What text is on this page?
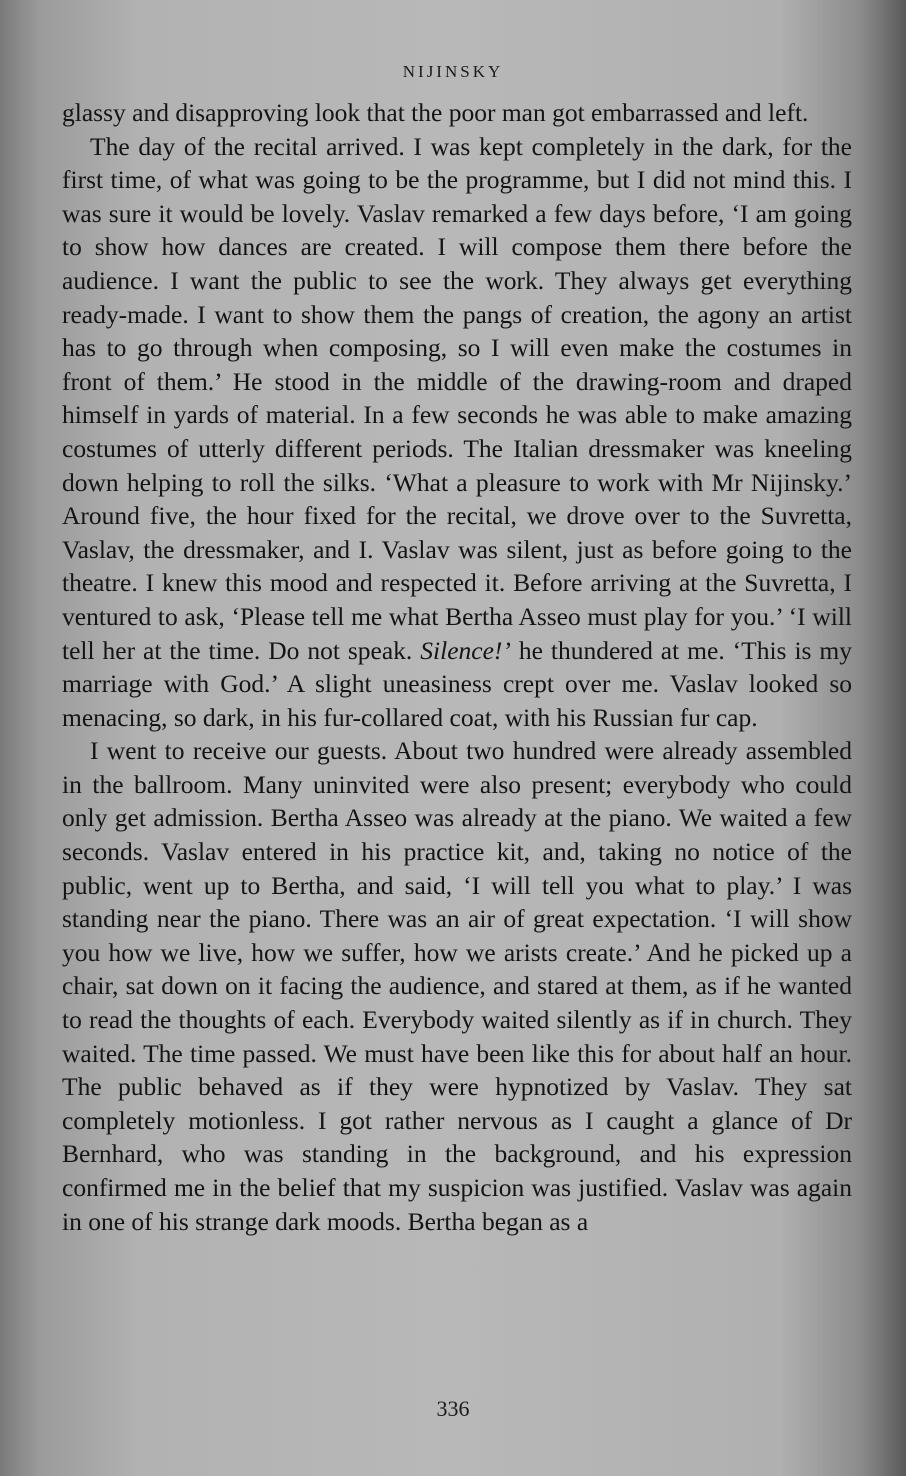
NIJINSKY

glassy and disapproving look that the poor man got embarrassed and left.

The day of the recital arrived. I was kept completely in the dark, for the first time, of what was going to be the programme, but I did not mind this. I was sure it would be lovely. Vaslav remarked a few days before, ‘I am going to show how dances are created. I will compose them there before the audience. I want the public to see the work. They always get everything ready-made. I want to show them the pangs of creation, the agony an artist has to go through when composing, so I will even make the costumes in front of them.’ He stood in the middle of the drawing-room and draped himself in yards of material. In a few seconds he was able to make amazing costumes of utterly different periods. The Italian dressmaker was kneeling down helping to roll the silks. ‘What a pleasure to work with Mr Nijinsky.’ Around five, the hour fixed for the recital, we drove over to the Suvretta, Vaslav, the dressmaker, and I. Vaslav was silent, just as before going to the theatre. I knew this mood and respected it. Before arriving at the Suvretta, I ventured to ask, ‘Please tell me what Bertha Asseo must play for you.’ ‘I will tell her at the time. Do not speak. Silence!’ he thundered at me. ‘This is my marriage with God.’ A slight uneasiness crept over me. Vaslav looked so menacing, so dark, in his fur-collared coat, with his Russian fur cap.

I went to receive our guests. About two hundred were already assembled in the ballroom. Many uninvited were also present; everybody who could only get admission. Bertha Asseo was already at the piano. We waited a few seconds. Vaslav entered in his practice kit, and, taking no notice of the public, went up to Bertha, and said, ‘I will tell you what to play.’ I was standing near the piano. There was an air of great expectation. ‘I will show you how we live, how we suffer, how we arists create.’ And he picked up a chair, sat down on it facing the audience, and stared at them, as if he wanted to read the thoughts of each. Everybody waited silently as if in church. They waited. The time passed. We must have been like this for about half an hour. The public behaved as if they were hypnotized by Vaslav. They sat completely motionless. I got rather nervous as I caught a glance of Dr Bernhard, who was standing in the background, and his expression confirmed me in the belief that my suspicion was justified. Vaslav was again in one of his strange dark moods. Bertha began as a

336
